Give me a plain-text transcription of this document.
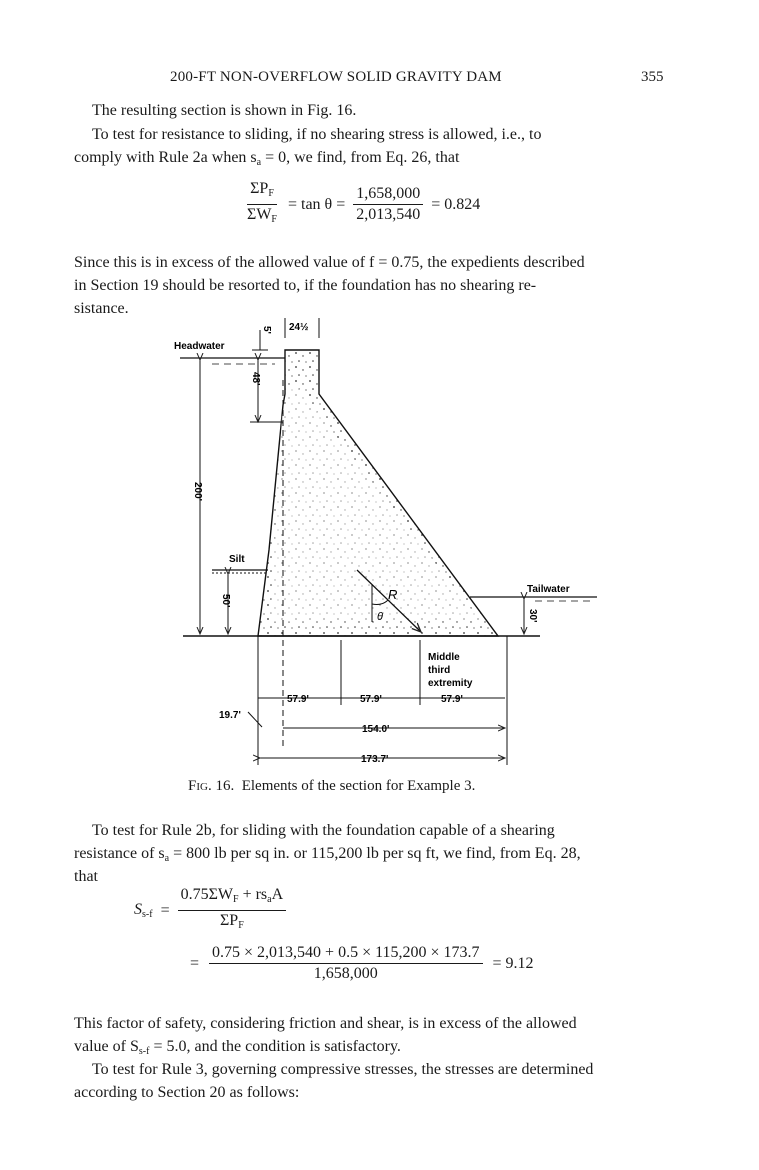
200-FT NON-OVERFLOW SOLID GRAVITY DAM	355
The resulting section is shown in Fig. 16.
To test for resistance to sliding, if no shearing stress is allowed, i.e., to
comply with Rule 2a when $s_a = 0$, we find, from Eq. 26, that
$\frac{\Sigma P_F}{\Sigma W_F} = \tan \theta = \frac{1,658,000}{2,013,540} = 0.824$
Since this is in excess of the allowed value of f = 0.75, the expedients described
in Section 19 should be resorted to, if the foundation has no shearing re-
sistance.
Headwater
5' 24½
48'
200'
Silt
50'
Tailwater
30'
R
θ
Middle
third
extremity
57.9'	57.9'	57.9'
19.7'
154.0'
173.7'
Fig. 16. Elements of the section for Example 3.
To test for Rule 2b, for sliding with the foundation capable of a shearing
resistance of $s_a = 800$ lb per sq in. or 115,200 lb per sq ft, we find, from Eq. 28,
that
$S_{s-f} = \frac{0.75\Sigma W_F + rs_aA}{\Sigma P_F}$
= $\frac{0.75 \times 2,013,540 + 0.5 \times 115,200 \times 173.7}{1,658,000} = 9.12$
This factor of safety, considering friction and shear, is in excess of the allowed
value of $S_{s-f} = 5.0$, and the condition is satisfactory.
To test for Rule 3, governing compressive stresses, the stresses are determined
according to Section 20 as follows:
